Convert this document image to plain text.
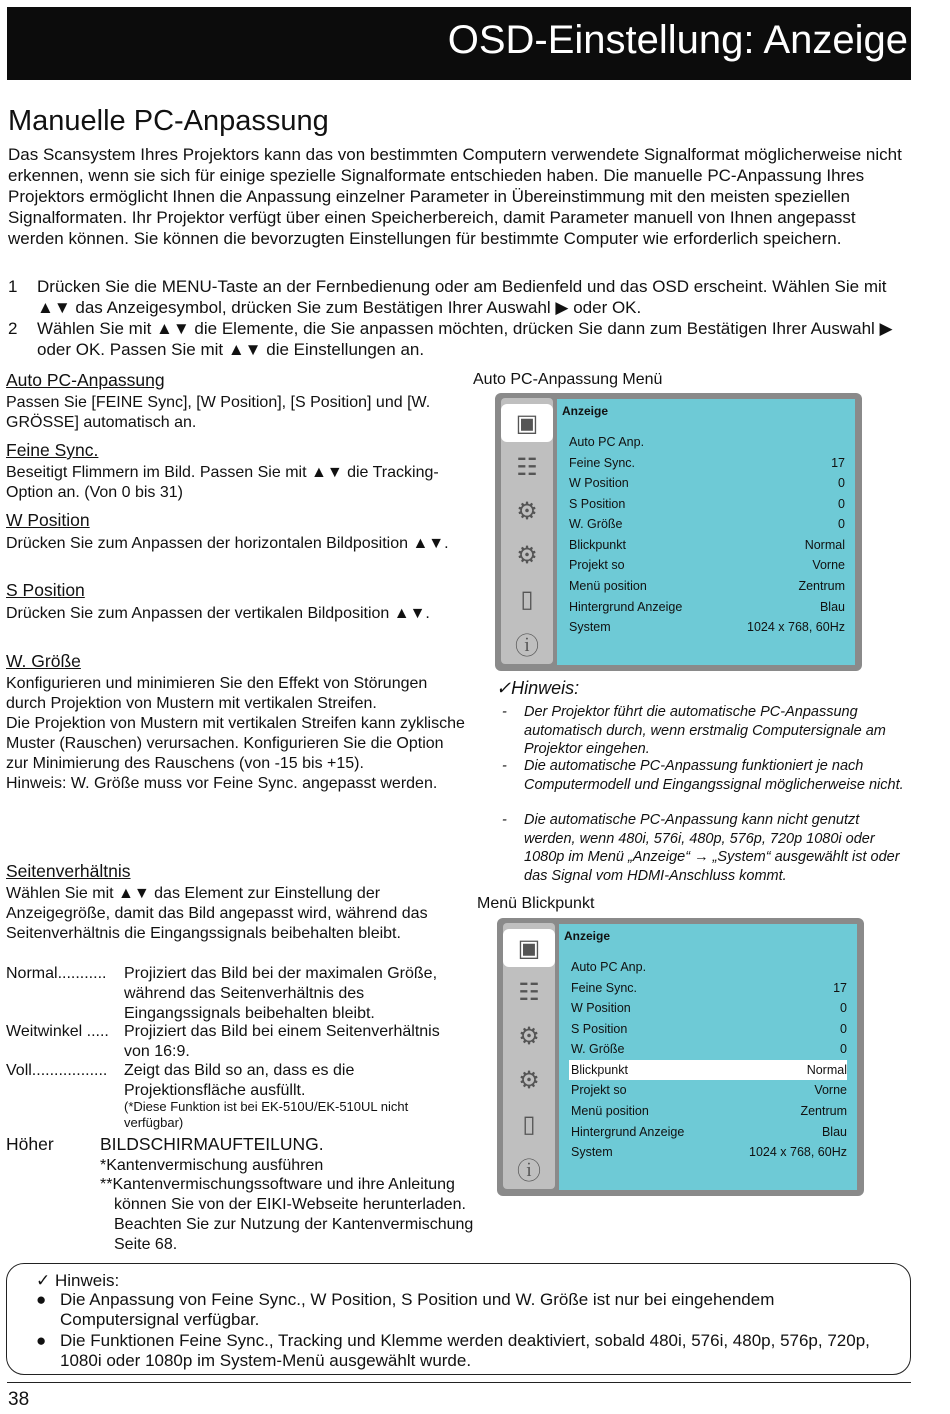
OSD-Einstellung: Anzeige
Manuelle PC-Anpassung
Das Scansystem Ihres Projektors kann das von bestimmten Computern verwendete Signalformat möglicherweise nicht erkennen, wenn sie sich für einige spezielle Signalformate entschieden haben. Die manuelle PC-Anpassung Ihres Projektors ermöglicht Ihnen die Anpassung einzelner Parameter in Übereinstimmung mit den meisten speziellen Signalformaten. Ihr Projektor verfügt über einen Speicherbereich, damit Parameter manuell von Ihnen angepasst werden können. Sie können die bevorzugten Einstellungen für bestimmte Computer wie erforderlich speichern.
1 Drücken Sie die MENU-Taste an der Fernbedienung oder am Bedienfeld und das OSD erscheint. Wählen Sie mit ▲▼ das Anzeigesymbol, drücken Sie zum Bestätigen Ihrer Auswahl ▶ oder OK.
2 Wählen Sie mit ▲▼ die Elemente, die Sie anpassen möchten, drücken Sie dann zum Bestätigen Ihrer Auswahl ▶ oder OK. Passen Sie mit ▲▼ die Einstellungen an.
Auto PC-Anpassung
Passen Sie [FEINE Sync], [W Position], [S Position] und [W. GRÖSSE] automatisch an.
Feine Sync.
Beseitigt Flimmern im Bild. Passen Sie mit ▲▼ die Tracking-Option an. (Von 0 bis 31)
W Position
Drücken Sie zum Anpassen der horizontalen Bildposition ▲▼.
S Position
Drücken Sie zum Anpassen der vertikalen Bildposition ▲▼.
W. Größe
Konfigurieren und minimieren Sie den Effekt von Störungen durch Projektion von Mustern mit vertikalen Streifen.
Die Projektion von Mustern mit vertikalen Streifen kann zyklische Muster (Rauschen) verursachen. Konfigurieren Sie die Option zur Minimierung des Rauschens (von -15 bis +15).
Hinweis: W. Größe muss vor Feine Sync. angepasst werden.
Seitenverhältnis
Wählen Sie mit ▲▼ das Element zur Einstellung der Anzeigegröße, damit das Bild angepasst wird, während das Seitenverhältnis die Eingangssignals beibehalten bleibt.
Normal........... Projiziert das Bild bei der maximalen Größe, während das Seitenverhältnis des Eingangssignals beibehalten bleibt.
Weitwinkel ..... Projiziert das Bild bei einem Seitenverhältnis von 16:9.
Voll................. Zeigt das Bild so an, dass es die Projektionsfläche ausfüllt.
(*Diese Funktion ist bei EK-510U/EK-510UL nicht verfügbar)
Höher	BILDSCHIRMAUFTEILUNG.
*Kantenvermischung ausführen
**Kantenvermischungssoftware und ihre Anleitung können Sie von der EIKI-Webseite herunterladen. Beachten Sie zur Nutzung der Kantenvermischung Seite 68.
Auto PC-Anpassung Menü
▣
☷
⚙
⚙
▯
ⓘ
Anzeige
Auto PC Anp.
Feine Sync.	17
W Position	0
S Position	0
W. Größe	0
Blickpunkt	Normal
Projekt so	Vorne
Menü position	Zentrum
Hintergrund Anzeige	Blau
System	1024 x 768, 60Hz
✓Hinweis:
- Der Projektor führt die automatische PC-Anpassung automatisch durch, wenn erstmalig Computersignale am Projektor eingehen.
- Die automatische PC-Anpassung funktioniert je nach Computermodell und Eingangssignal möglicherweise nicht.
- Die automatische PC-Anpassung kann nicht genutzt werden, wenn 480i, 576i, 480p, 576p, 720p 1080i oder 1080p im Menü „Anzeige“ → „System“ ausgewählt ist oder das Signal vom HDMI-Anschluss kommt.
Menü Blickpunkt
▣
☷
⚙
⚙
▯
ⓘ
Anzeige
Auto PC Anp.
Feine Sync.	17
W Position	0
S Position	0
W. Größe	0
Blickpunkt	Normal
Projekt so	Vorne
Menü position	Zentrum
Hintergrund Anzeige	Blau
System	1024 x 768, 60Hz
✓ Hinweis:
● Die Anpassung von Feine Sync., W Position, S Position und W. Größe ist nur bei eingehendem Computersignal verfügbar.
● Die Funktionen Feine Sync., Tracking und Klemme werden deaktiviert, sobald 480i, 576i, 480p, 576p, 720p, 1080i oder 1080p im System-Menü ausgewählt wurde.
38
